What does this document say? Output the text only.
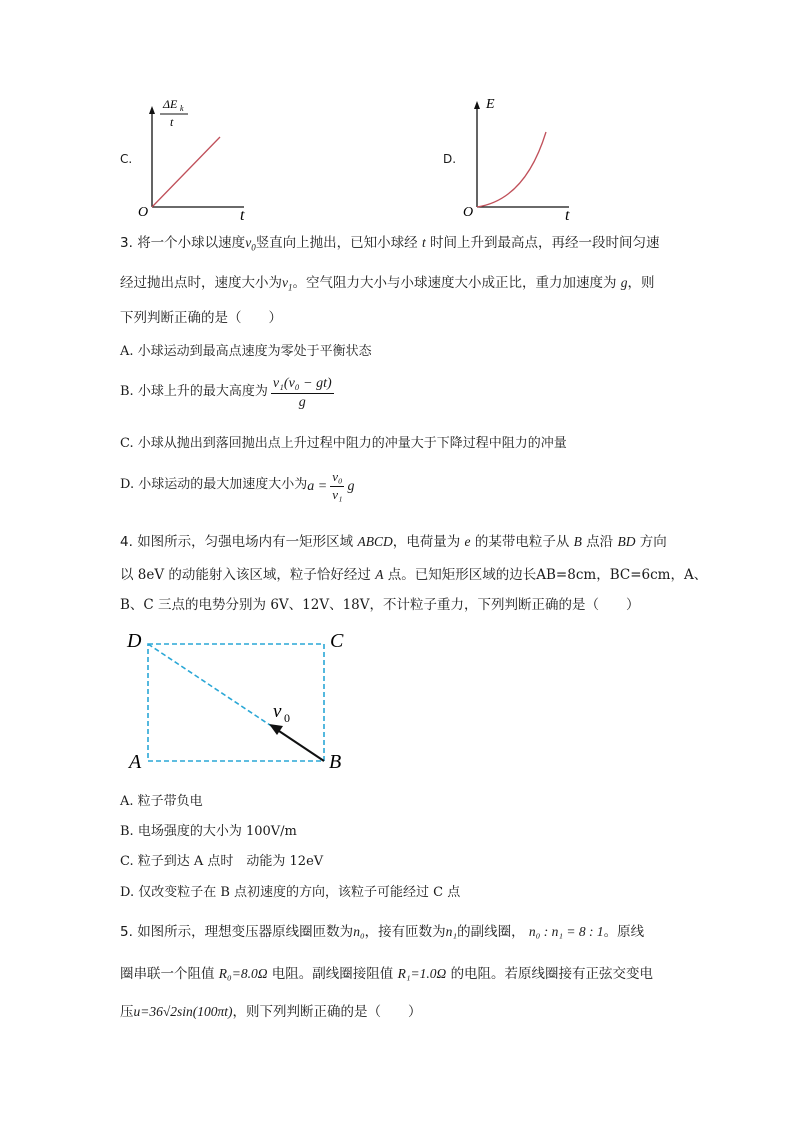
C.
ΔE k
t
O	t
D.
E
O	t
3. 将一个小球以速度$v_0$竖直向上抛出，已知小球经 t 时间上升到最高点，再经一段时间匀速
经过抛出点时，速度大小为$v_1$。空气阻力大小与小球速度大小成正比，重力加速度为 g，则
下列判断正确的是（　　）
A. 小球运动到最高点速度为零处于平衡状态
B. 小球上升的最大高度为 $\frac{\text{v₁(v₀ − gt)}}{g}$
C. 小球从抛出到落回抛出点上升过程中阻力的冲量大于下降过程中阻力的冲量
D. 小球运动的最大加速度大小为$a = \frac{\text{v₀}}{\text{v₁}}$ g
4. 如图所示，匀强电场内有一矩形区域 ABCD，电荷量为 e 的某带电粒子从 B 点沿 BD 方向
以 8eV 的动能射入该区域，粒子恰好经过 A 点。已知矩形区域的边长AB=8cm，BC=6cm，A、
B、C 三点的电势分别为 6V、12V、18V，不计粒子重力，下列判断正确的是（　　）
D	C
A	B
v 0
A. 粒子带负电
B. 电场强度的大小为 100V/m
C. 粒子到达 A 点时　动能为 12eV
D. 仅改变粒子在 B 点初速度的方向，该粒子可能经过 C 点
5. 如图所示，理想变压器原线圈匝数为n₀，接有匝数为n₁的副线圈， n₀ : n₁ = 8 : 1。原线
圈串联一个阻值 R₀=8.0Ω 电阻。副线圈接阻值 R₁=1.0Ω 的电阻。若原线圈接有正弦交变电
压u=36√2sin(100πt)，则下列判断正确的是（　　）
